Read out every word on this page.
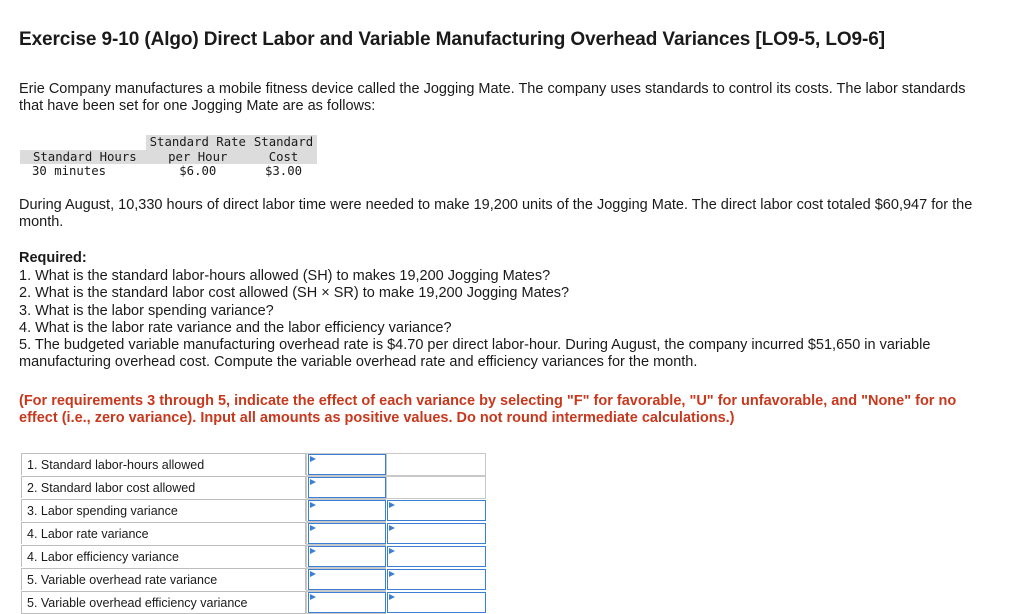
Exercise 9-10 (Algo) Direct Labor and Variable Manufacturing Overhead Variances [LO9-5, LO9-6]

Erie Company manufactures a mobile fitness device called the Jogging Mate. The company uses standards to control its costs. The labor standards that have been set for one Jogging Mate are as follows:

	Standard Rate	Standard
Standard Hours	per Hour	Cost
30 minutes	$6.00	$3.00

During August, 10,330 hours of direct labor time were needed to make 19,200 units of the Jogging Mate. The direct labor cost totaled $60,947 for the month.

Required:

1. What is the standard labor-hours allowed (SH) to makes 19,200 Jogging Mates?
2. What is the standard labor cost allowed (SH × SR) to make 19,200 Jogging Mates?
3. What is the labor spending variance?
4. What is the labor rate variance and the labor efficiency variance?
5. The budgeted variable manufacturing overhead rate is $4.70 per direct labor-hour. During August, the company incurred $51,650 in variable manufacturing overhead cost. Compute the variable overhead rate and efficiency variances for the month.

(For requirements 3 through 5, indicate the effect of each variance by selecting "F" for favorable, "U" for unfavorable, and "None" for no effect (i.e., zero variance). Input all amounts as positive values. Do not round intermediate calculations.)

1. Standard labor-hours allowed
2. Standard labor cost allowed
3. Labor spending variance
4. Labor rate variance
4. Labor efficiency variance
5. Variable overhead rate variance
5. Variable overhead efficiency variance
